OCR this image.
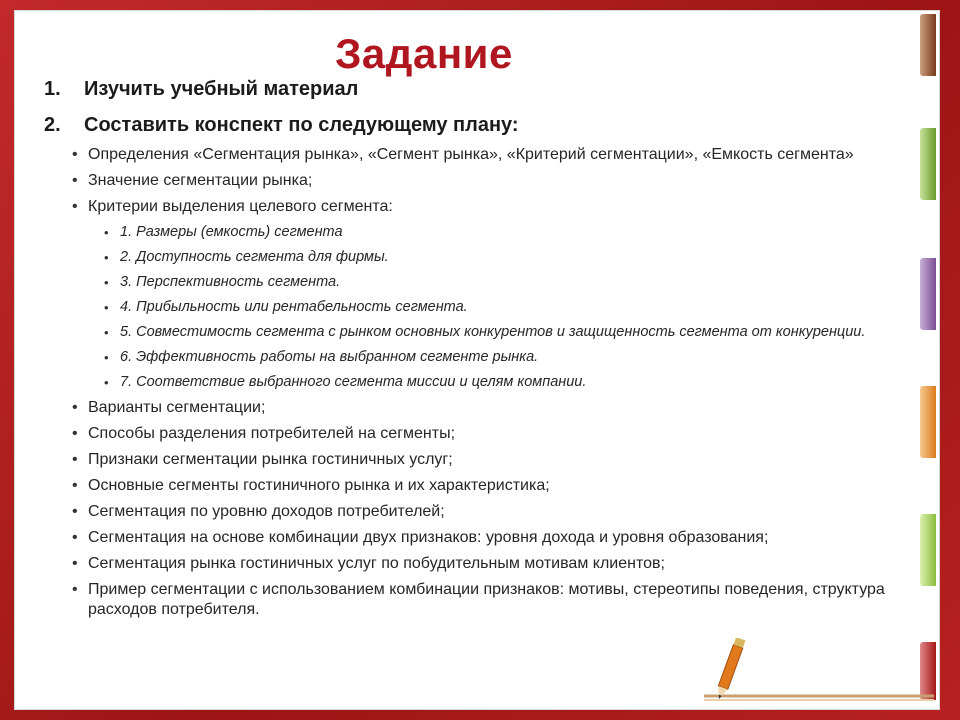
Задание
1. Изучить учебный материал
2. Составить конспект по следующему плану:
• Определения «Сегментация рынка», «Сегмент рынка», «Критерий сегментации», «Емкость сегмента»
• Значение сегментации рынка;
• Критерии выделения целевого сегмента:
• 1. Размеры (емкость) сегмента
• 2. Доступность сегмента для фирмы.
• 3. Перспективность сегмента.
• 4. Прибыльность или рентабельность сегмента.
• 5. Совместимость сегмента с рынком основных конкурентов и защищенность сегмента от конкуренции.
• 6. Эффективность работы на выбранном сегменте рынка.
• 7. Соответствие выбранного сегмента миссии и целям компании.
• Варианты сегментации;
• Способы разделения потребителей на сегменты;
• Признаки сегментации рынка гостиничных услуг;
• Основные сегменты гостиничного рынка и их характеристика;
• Сегментация по уровню доходов потребителей;
• Сегментация на основе комбинации двух признаков: уровня дохода и уровня образования;
• Сегментация рынка гостиничных услуг по побудительным мотивам клиентов;
• Пример сегментации с использованием комбинации признаков: мотивы, стереотипы поведения, структура расходов потребителя.
